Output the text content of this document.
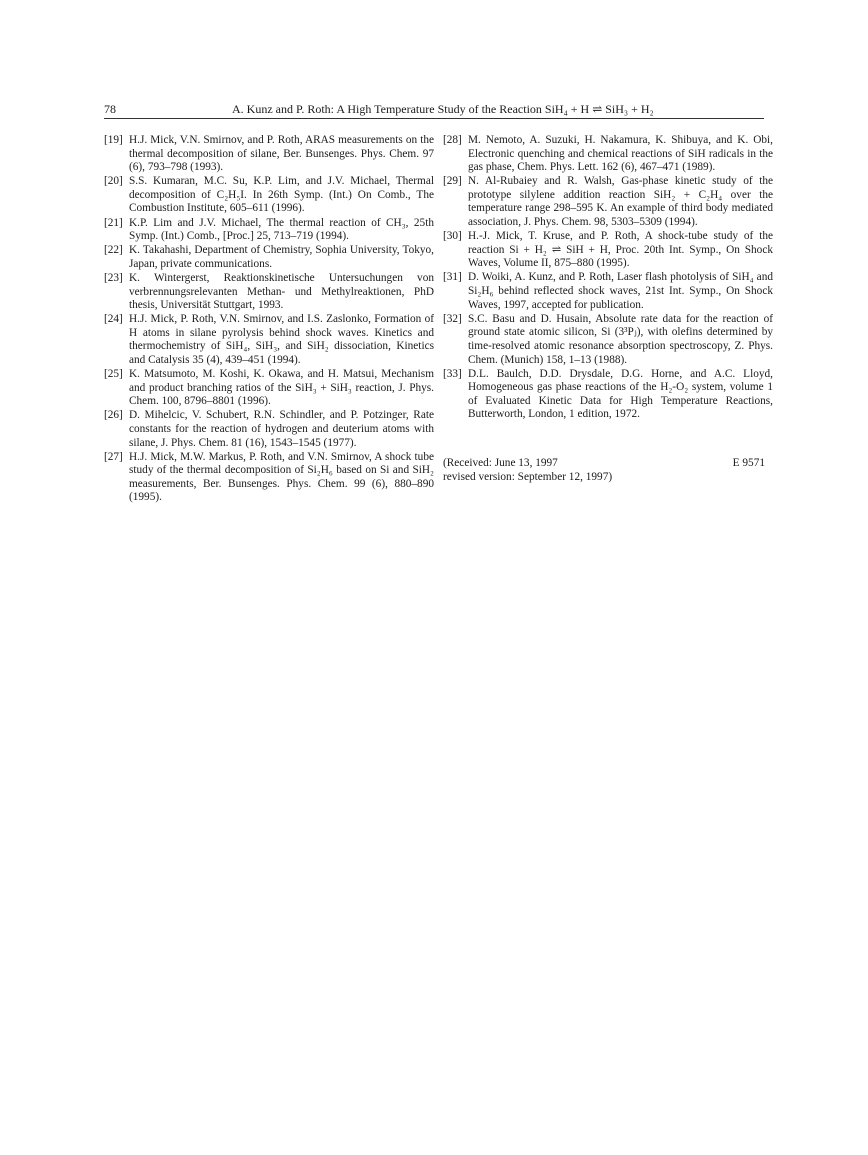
78	A. Kunz and P. Roth: A High Temperature Study of the Reaction SiH₄ + H ⇌ SiH₃ + H₂

[19] H.J. Mick, V.N. Smirnov, and P. Roth, ARAS measurements on the thermal decomposition of silane, Ber. Bunsenges. Phys. Chem. 97 (6), 793–798 (1993).

[20] S.S. Kumaran, M.C. Su, K.P. Lim, and J.V. Michael, Thermal decomposition of C₂H₅I. In 26th Symp. (Int.) On Comb., The Combustion Institute, 605–611 (1996).

[21] K.P. Lim and J.V. Michael, The thermal reaction of CH₃, 25th Symp. (Int.) Comb., [Proc.] 25, 713–719 (1994).

[22] K. Takahashi, Department of Chemistry, Sophia University, Tokyo, Japan, private communications.

[23] K. Wintergerst, Reaktionskinetische Untersuchungen von verbrennungsrelevanten Methan- und Methylreaktionen, PhD thesis, Universität Stuttgart, 1993.

[24] H.J. Mick, P. Roth, V.N. Smirnov, and I.S. Zaslonko, Formation of H atoms in silane pyrolysis behind shock waves. Kinetics and thermochemistry of SiH₄, SiH₃, and SiH₂ dissociation, Kinetics and Catalysis 35 (4), 439–451 (1994).

[25] K. Matsumoto, M. Koshi, K. Okawa, and H. Matsui, Mechanism and product branching ratios of the SiH₃ + SiH₃ reaction, J. Phys. Chem. 100, 8796–8801 (1996).

[26] D. Mihelcic, V. Schubert, R.N. Schindler, and P. Potzinger, Rate constants for the reaction of hydrogen and deuterium atoms with silane, J. Phys. Chem. 81 (16), 1543–1545 (1977).

[27] H.J. Mick, M.W. Markus, P. Roth, and V.N. Smirnov, A shock tube study of the thermal decomposition of Si₂H₆ based on Si and SiH₂ measurements, Ber. Bunsenges. Phys. Chem. 99 (6), 880–890 (1995).

[28] M. Nemoto, A. Suzuki, H. Nakamura, K. Shibuya, and K. Obi, Electronic quenching and chemical reactions of SiH radicals in the gas phase, Chem. Phys. Lett. 162 (6), 467–471 (1989).

[29] N. Al-Rubaiey and R. Walsh, Gas-phase kinetic study of the prototype silylene addition reaction SiH₂ + C₂H₄ over the temperature range 298–595 K. An example of third body mediated association, J. Phys. Chem. 98, 5303–5309 (1994).

[30] H.-J. Mick, T. Kruse, and P. Roth, A shock-tube study of the reaction Si + H₂ ⇌ SiH + H, Proc. 20th Int. Symp., On Shock Waves, Volume II, 875–880 (1995).

[31] D. Woiki, A. Kunz, and P. Roth, Laser flash photolysis of SiH₄ and Si₂H₆ behind reflected shock waves, 21st Int. Symp., On Shock Waves, 1997, accepted for publication.

[32] S.C. Basu and D. Husain, Absolute rate data for the reaction of ground state atomic silicon, Si (3³Pⱼ), with olefins determined by time-resolved atomic resonance absorption spectroscopy, Z. Phys. Chem. (Munich) 158, 1–13 (1988).

[33] D.L. Baulch, D.D. Drysdale, D.G. Horne, and A.C. Lloyd, Homogeneous gas phase reactions of the H₂-O₂ system, volume 1 of Evaluated Kinetic Data for High Temperature Reactions, Butterworth, London, 1 edition, 1972.

(Received: June 13, 1997
revised version: September 12, 1997)
E 9571
